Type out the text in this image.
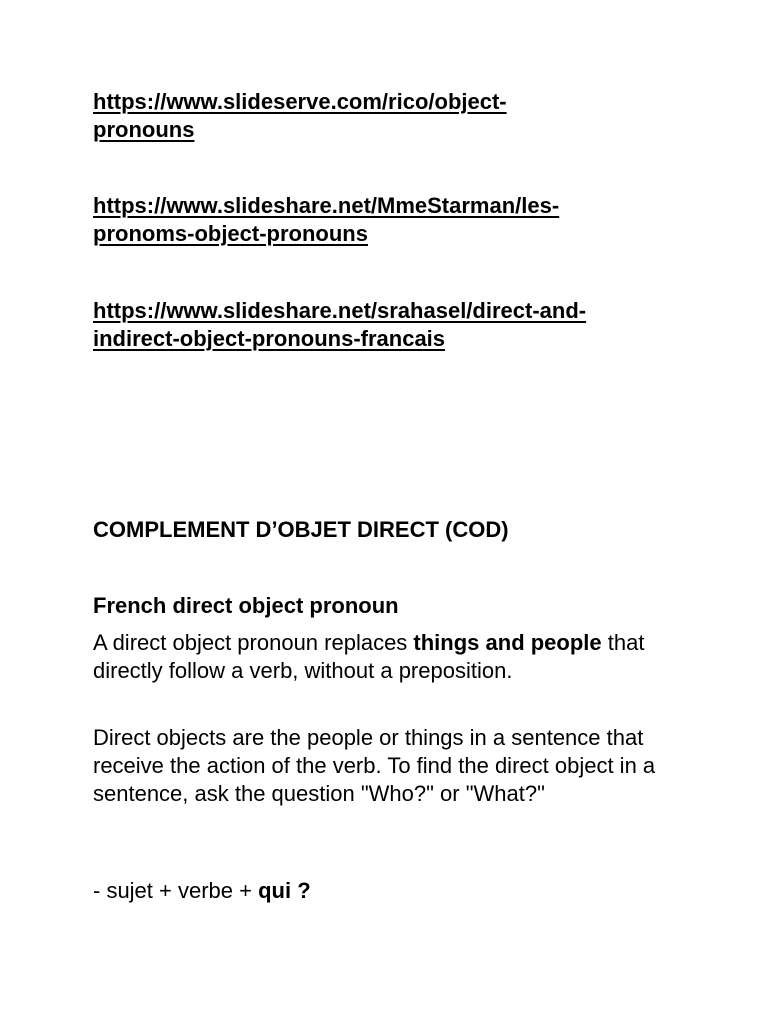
https://www.slideserve.com/rico/object-
pronouns
https://www.slideshare.net/MmeStarman/les-
pronoms-object-pronouns
https://www.slideshare.net/srahasel/direct-and-
indirect-object-pronouns-francais
COMPLEMENT D’OBJET DIRECT (COD)
French direct object pronoun
A direct object pronoun replaces things and people that directly follow a verb, without a preposition.
Direct objects are the people or things in a sentence that receive the action of the verb. To find the direct object in a sentence, ask the question "Who?" or "What?"
- sujet + verbe + qui ?
